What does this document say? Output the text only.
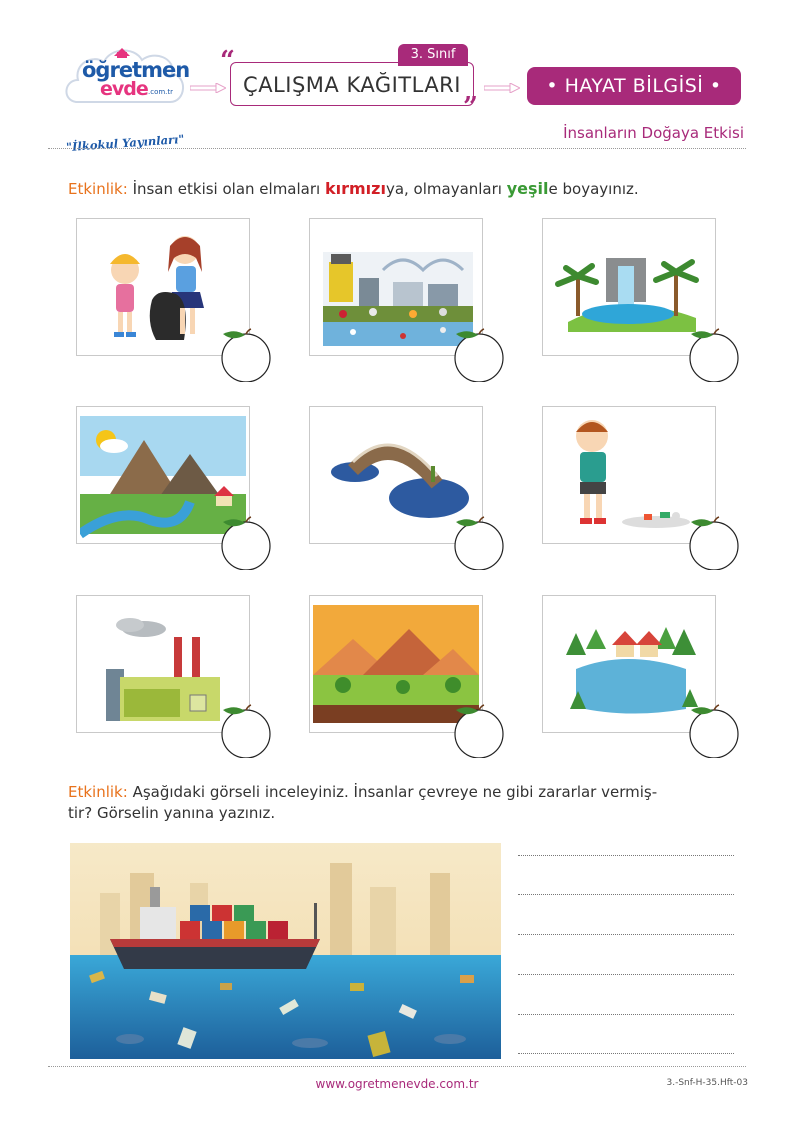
öğretmen
evde .com.tr
"İlkokul Yayınları"
3. Sınıf
ÇALIŞMA KAĞITLARI
“
”
• HAYAT BİLGİSİ •
İnsanların Doğaya Etkisi
Etkinlik: İnsan etkisi olan elmaları kırmızıya, olmayanları yeşile boyayınız.
Etkinlik: Aşağıdaki görseli inceleyiniz. İnsanlar çevreye ne gibi zararlar vermiş-
tir? Görselin yanına yazınız.
www.ogretmenevde.com.tr	3.-Snf-H-35.Hft-03
